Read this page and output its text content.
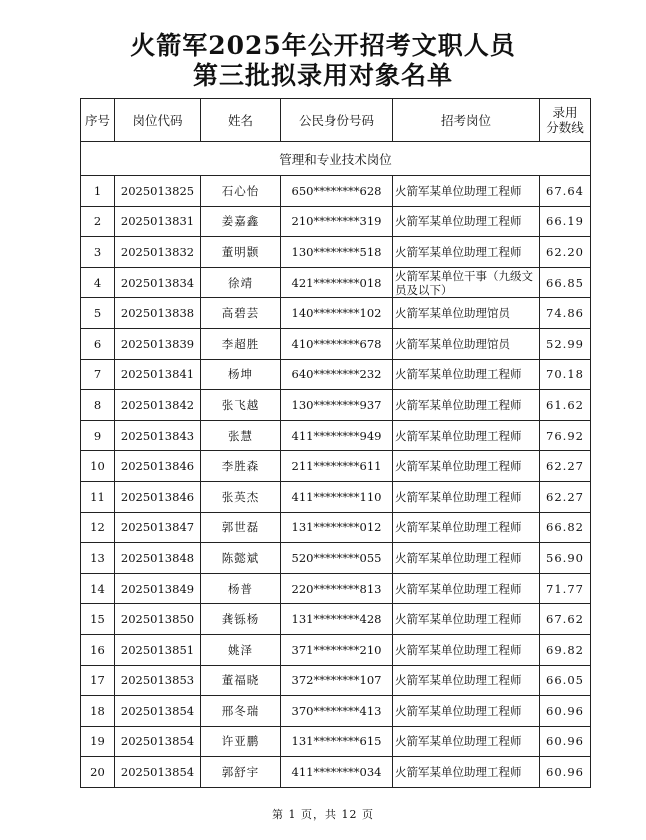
火箭军2025年公开招考文职人员
第三批拟录用对象名单
序号	岗位代码	姓名	公民身份号码	招考岗位	录用
分数线
管理和专业技术岗位					
1	2025013825	石心怡	650********628	火箭军某单位助理工程师	67.64
2	2025013831	姜嘉鑫	210********319	火箭军某单位助理工程师	66.19
3	2025013832	董明颢	130********518	火箭军某单位助理工程师	62.20
4	2025013834	徐靖	421********018	火箭军某单位干事（九级文员及以下）	66.85
5	2025013838	高碧芸	140********102	火箭军某单位助理馆员	74.86
6	2025013839	李超胜	410********678	火箭军某单位助理馆员	52.99
7	2025013841	杨坤	640********232	火箭军某单位助理工程师	70.18
8	2025013842	张飞越	130********937	火箭军某单位助理工程师	61.62
9	2025013843	张慧	411********949	火箭军某单位助理工程师	76.92
10	2025013846	李胜森	211********611	火箭军某单位助理工程师	62.27
11	2025013846	张英杰	411********110	火箭军某单位助理工程师	62.27
12	2025013847	郭世磊	131********012	火箭军某单位助理工程师	66.82
13	2025013848	陈懿斌	520********055	火箭军某单位助理工程师	56.90
14	2025013849	杨普	220********813	火箭军某单位助理工程师	71.77
15	2025013850	龚铄杨	131********428	火箭军某单位助理工程师	67.62
16	2025013851	姚泽	371********210	火箭军某单位助理工程师	69.82
17	2025013853	董福晓	372********107	火箭军某单位助理工程师	66.05
18	2025013854	邢冬瑞	370********413	火箭军某单位助理工程师	60.96
19	2025013854	许亚鹏	131********615	火箭军某单位助理工程师	60.96
20	2025013854	郭舒宇	411********034	火箭军某单位助理工程师	60.96
第 1 页，共 12 页
